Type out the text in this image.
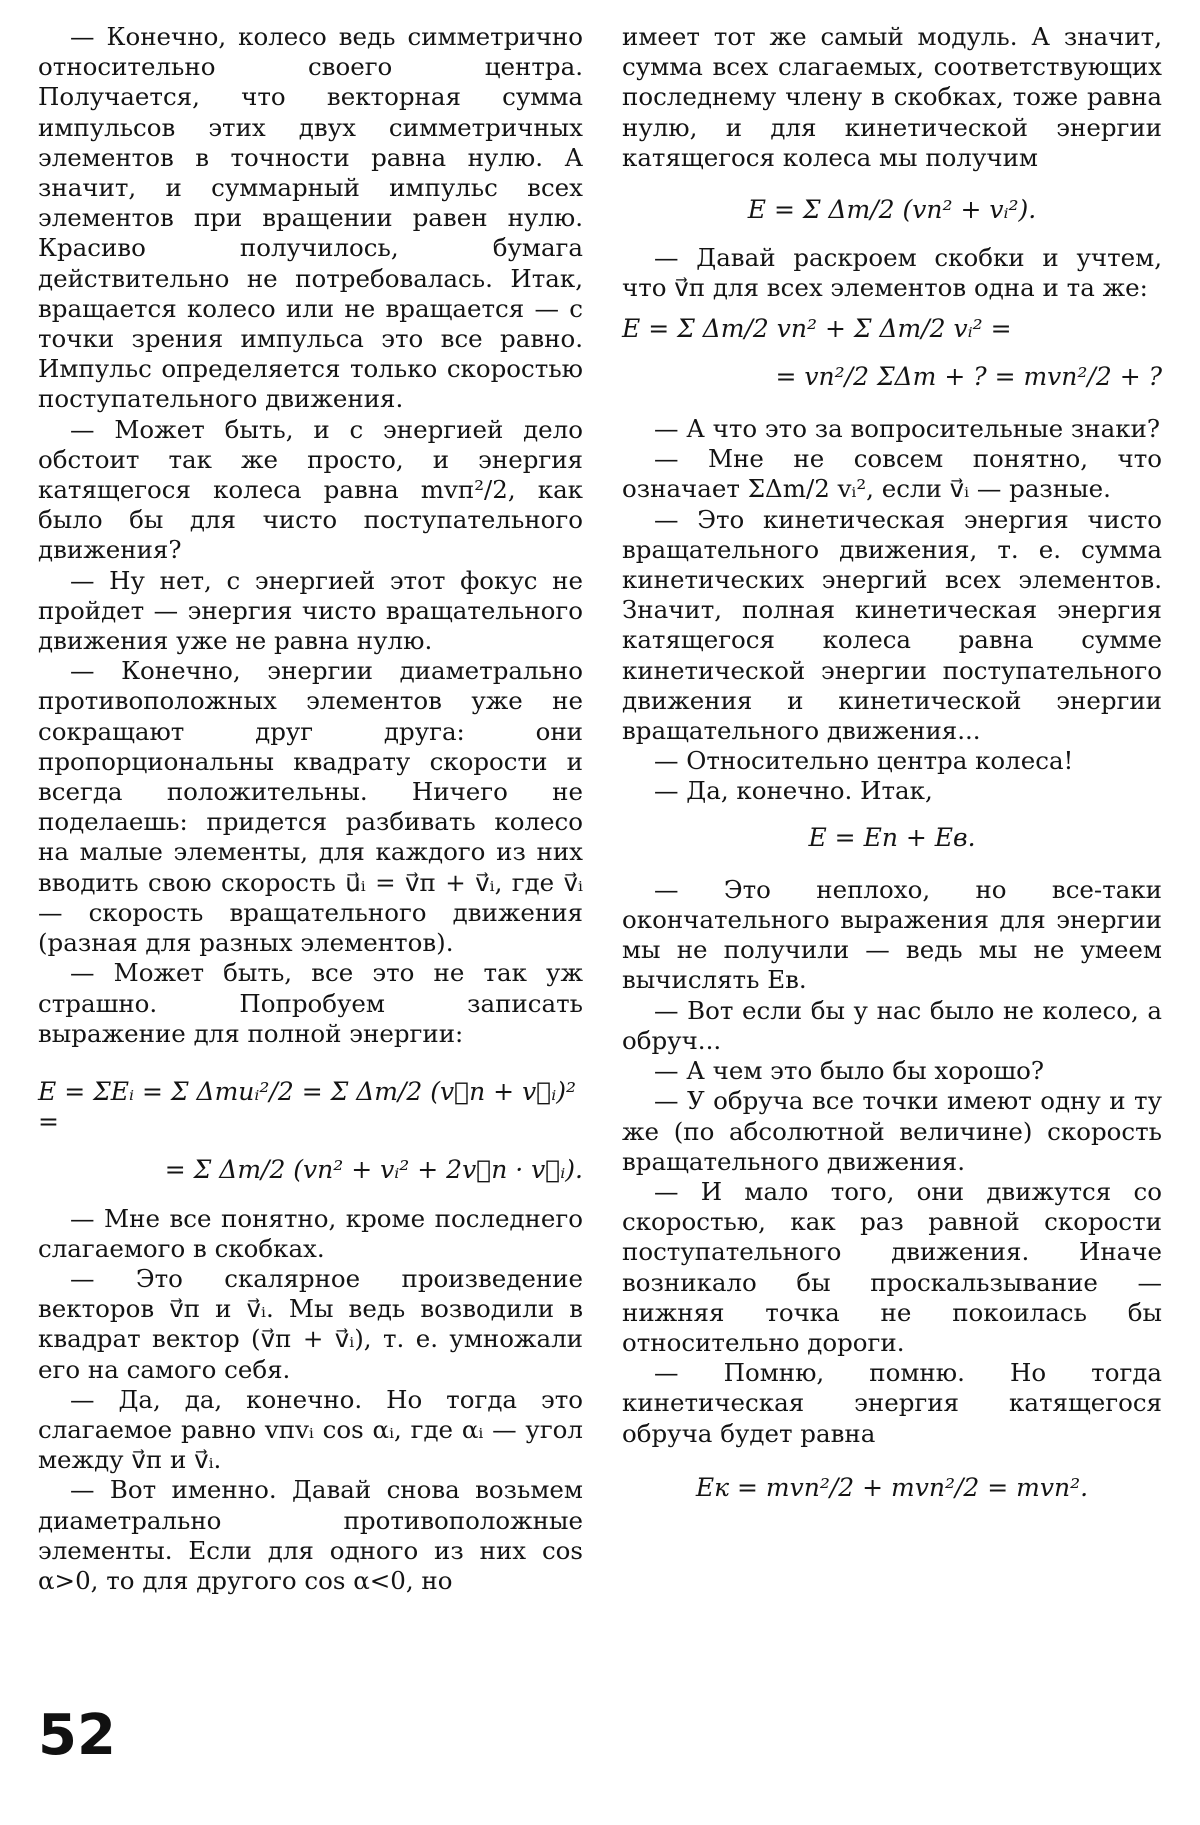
— Конечно, колесо ведь симметрично относительно своего центра. Получается, что векторная сумма импульсов этих двух симметричных элементов в точности равна нулю. А значит, и суммарный импульс всех элементов при вращении равен нулю. Красиво получилось, бумага действительно не потребовалась. Итак, вращается колесо или не вращается — с точки зрения импульса это все равно. Импульс определяется только скоростью поступательного движения.

— Может быть, и с энергией дело обстоит так же просто, и энергия катящегося колеса равна mvп²/2, как было бы для чисто поступательного движения?

— Ну нет, с энергией этот фокус не пройдет — энергия чисто вращательного движения уже не равна нулю.

— Конечно, энергии диаметрально противоположных элементов уже не сокращают друг друга: они пропорциональны квадрату скорости и всегда положительны. Ничего не поделаешь: придется разбивать колесо на малые элементы, для каждого из них вводить свою скорость u⃗ᵢ = v⃗п + v⃗ᵢ, где v⃗ᵢ — скорость вращательного движения (разная для разных элементов).

— Может быть, все это не так уж страшно. Попробуем записать выражение для полной энергии:

E = ΣEᵢ = Σ Δmuᵢ²/2 = Σ Δm/2 (v⃗п + v⃗ᵢ)² =
= Σ Δm/2 (vп² + vᵢ² + 2v⃗п · v⃗ᵢ).

— Мне все понятно, кроме последнего слагаемого в скобках.

— Это скалярное произведение векторов v⃗п и v⃗ᵢ. Мы ведь возводили в квадрат вектор (v⃗п + v⃗ᵢ), т. е. умножали его на самого себя.

— Да, да, конечно. Но тогда это слагаемое равно vпvᵢ cos αᵢ, где αᵢ — угол между v⃗п и v⃗ᵢ.

— Вот именно. Давай снова возьмем диаметрально противоположные элементы. Если для одного из них cos α>0, то для другого cos α<0, но

имеет тот же самый модуль. А значит, сумма всех слагаемых, соответствующих последнему члену в скобках, тоже равна нулю, и для кинетической энергии катящегося колеса мы получим

E = Σ Δm/2 (vп² + vᵢ²).

— Давай раскроем скобки и учтем, что v⃗п для всех элементов одна и та же:

E = Σ Δm/2 vп² + Σ Δm/2 vᵢ² =
= vп²/2 ΣΔm + ? = mvп²/2 + ?

— А что это за вопросительные знаки?

— Мне не совсем понятно, что означает ΣΔm/2 vᵢ², если v⃗ᵢ — разные.

— Это кинетическая энергия чисто вращательного движения, т. е. сумма кинетических энергий всех элементов. Значит, полная кинетическая энергия катящегося колеса равна сумме кинетической энергии поступательного движения и кинетической энергии вращательного движения...

— Относительно центра колеса!

— Да, конечно. Итак,

E = Eп + Eв.

— Это неплохо, но все-таки окончательного выражения для энергии мы не получили — ведь мы не умеем вычислять Eв.

— Вот если бы у нас было не колесо, а обруч...

— А чем это было бы хорошо?

— У обруча все точки имеют одну и ту же (по абсолютной величине) скорость вращательного движения.

— И мало того, они движутся со скоростью, как раз равной скорости поступательного движения. Иначе возникало бы проскальзывание — нижняя точка не покоилась бы относительно дороги.

— Помню, помню. Но тогда кинетическая энергия катящегося обруча будет равна

Eк = mvп²/2 + mvп²/2 = mvп².
52
